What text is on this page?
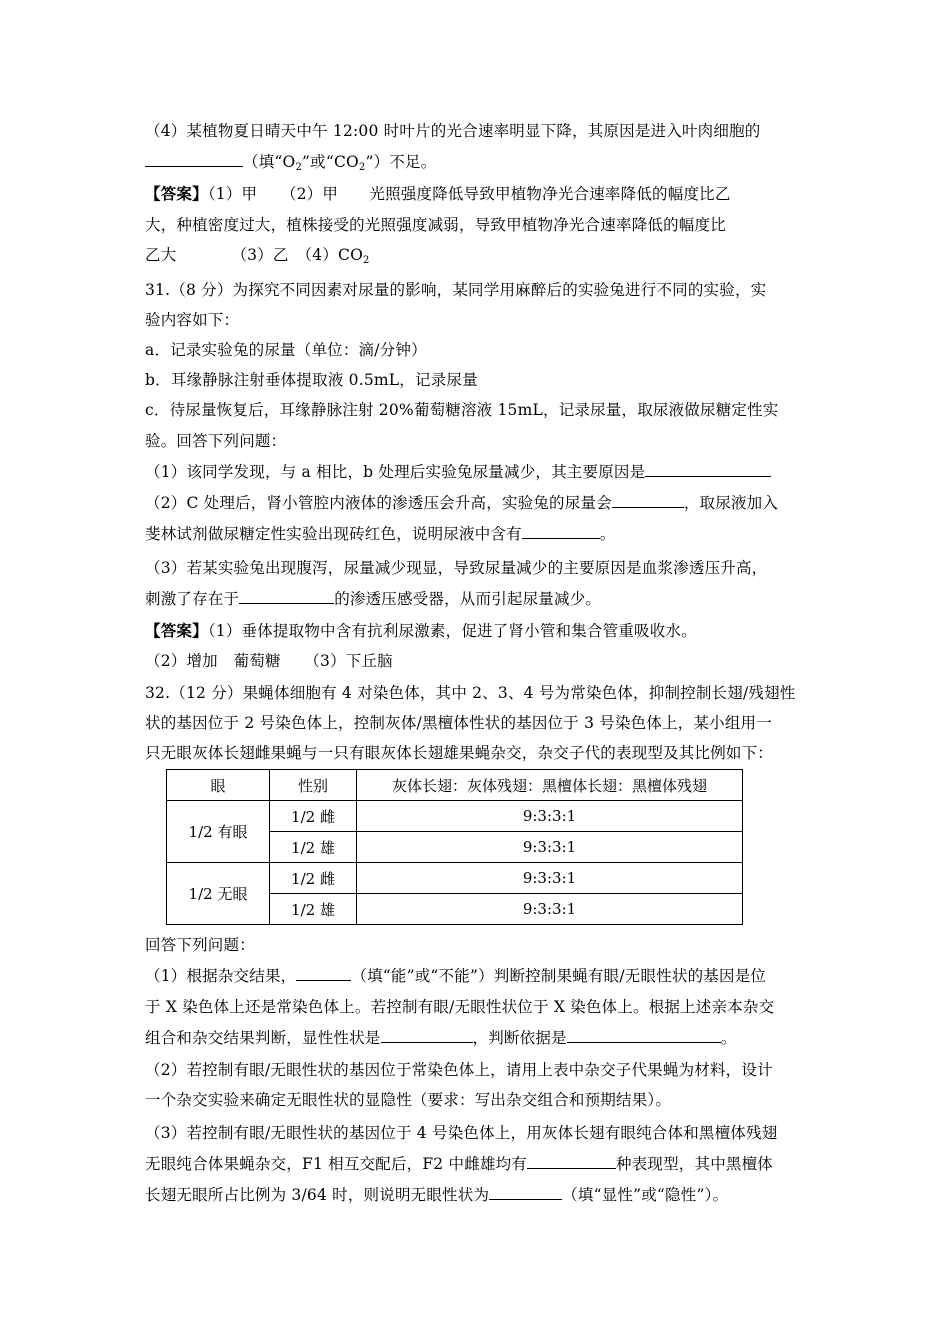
（4）某植物夏日晴天中午 12:00 时叶片的光合速率明显下降，其原因是进入叶肉细胞的
（填“$O_2$”或“$CO_2$”）不足。
【答案】（1）甲　　（2）甲　　光照强度降低导致甲植物净光合速率降低的幅度比乙
大，种植密度过大，植株接受的光照强度减弱，导致甲植物净光合速率降低的幅度比
乙大　　　　（3）乙　$(4)CO_2$
31.（8 分）为探究不同因素对尿量的影响，某同学用麻醉后的实验兔进行不同的实验，实
验内容如下：
a．记录实验兔的尿量（单位：滴/分钟）
b．耳缘静脉注射垂体提取液 0.5mL，记录尿量
c．待尿量恢复后，耳缘静脉注射 20%葡萄糖溶液 15mL，记录尿量，取尿液做尿糖定性实
验。回答下列问题：
（1）该同学发现，与 a 相比，b 处理后实验兔尿量减少，其主要原因是
（2）C 处理后，肾小管腔内液体的渗透压会升高，实验兔的尿量会	，取尿液加入
斐林试剂做尿糖定性实验出现砖红色，说明尿液中含有	。
（3）若某实验兔出现腹泻，尿量减少现显，导致尿量减少的主要原因是血浆渗透压升高，
刺激了存在于	的渗透压感受器，从而引起尿量减少。
【答案】（1）垂体提取物中含有抗利尿激素，促进了肾小管和集合管重吸收水。
（2）增加　葡萄糖　　（3）下丘脑
32.（12 分）果蝇体细胞有 4 对染色体，其中 2、3、4 号为常染色体，抑制控制长翅/残翅性
状的基因位于 2 号染色体上，控制灰体/黑檀体性状的基因位于 3 号染色体上，某小组用一
只无眼灰体长翅雌果蝇与一只有眼灰体长翅雄果蝇杂交，杂交子代的表现型及其比例如下：
眼	性别	灰体长翅：灰体残翅：黑檀体长翅：黑檀体残翅
1/2 有眼	1/2 雌	9:3:3:1
	1/2 雄	9:3:3:1
1/2 无眼	1/2 雌	9:3:3:1
	1/2 雄	9:3:3:1
回答下列问题：
（1）根据杂交结果，	（填“能”或“不能”）判断控制果蝇有眼/无眼性状的基因是位
于 X 染色体上还是常染色体上。若控制有眼/无眼性状位于 X 染色体上。根据上述亲本杂交
组合和杂交结果判断，显性性状是	，判断依据是	。
（2）若控制有眼/无眼性状的基因位于常染色体上，请用上表中杂交子代果蝇为材料，设计
一个杂交实验来确定无眼性状的显隐性（要求：写出杂交组合和预期结果）。
（3）若控制有眼/无眼性状的基因位于 4 号染色体上，用灰体长翅有眼纯合体和黑檀体残翅
无眼纯合体果蝇杂交，F1 相互交配后，F2 中雌雄均有	种表现型，其中黑檀体
长翅无眼所占比例为 3/64 时，则说明无眼性状为	（填“显性”或“隐性”）。
